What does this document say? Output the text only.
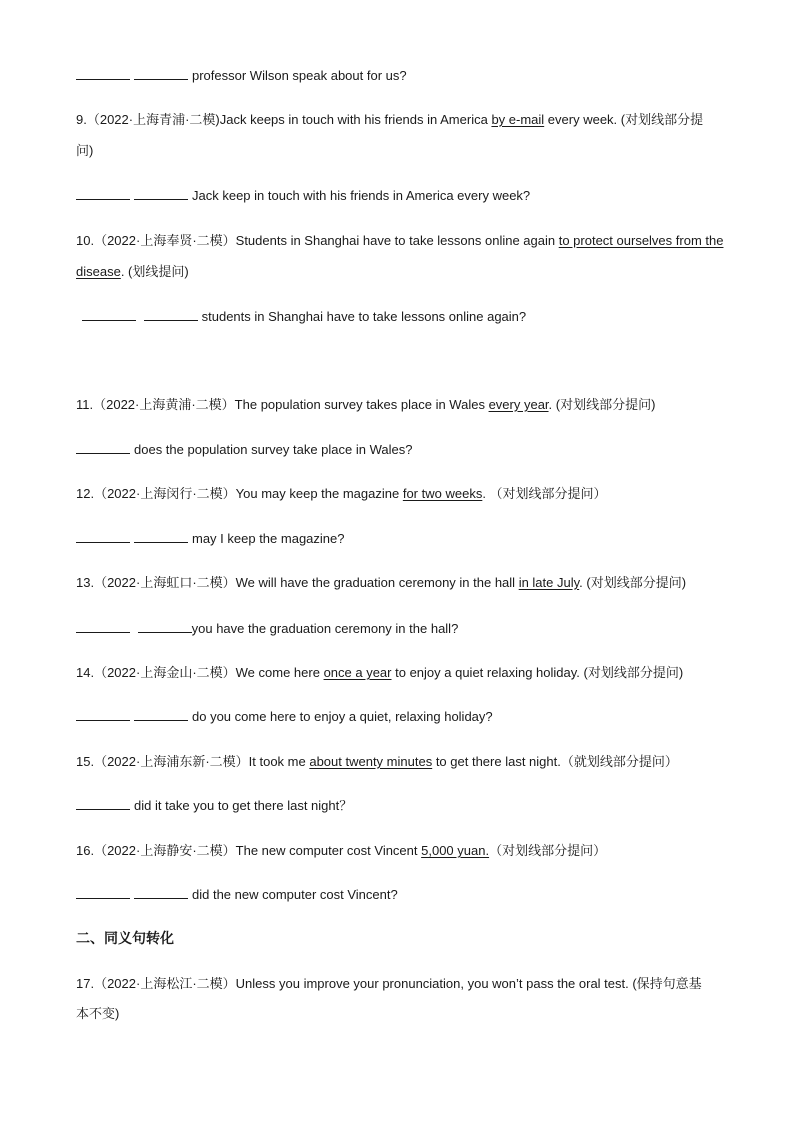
professor Wilson speak about for us?
9.（2022·上海青浦·二模)Jack keeps in touch with his friends in America by e-mail every week. (对划线部分提
问)
Jack keep in touch with his friends in America every week?
10.（2022·上海奉贤·二模）Students in Shanghai have to take lessons online again to protect ourselves from the
disease. (划线提问)
students in Shanghai have to take lessons online again?
11.（2022·上海黄浦·二模）The population survey takes place in Wales every year. (对划线部分提问)
does the population survey take place in Wales?
12.（2022·上海闵行·二模）You may keep the magazine for two weeks. （对划线部分提问）
may I keep the magazine?
13.（2022·上海虹口·二模）We will have the graduation ceremony in the hall in late July. (对划线部分提问)
you have the graduation ceremony in the hall?
14.（2022·上海金山·二模）We come here once a year to enjoy a quiet relaxing holiday. (对划线部分提问)
do you come here to enjoy a quiet, relaxing holiday?
15.（2022·上海浦东新·二模）It took me about twenty minutes to get there last night.（就划线部分提问）
did it take you to get there last night？
16.（2022·上海静安·二模）The new computer cost Vincent 5,000 yuan.（对划线部分提问）
did the new computer cost Vincent?
二、同义句转化
17.（2022·上海松江·二模）Unless you improve your pronunciation, you won’t pass the oral test. (保持句意基
本不变)
